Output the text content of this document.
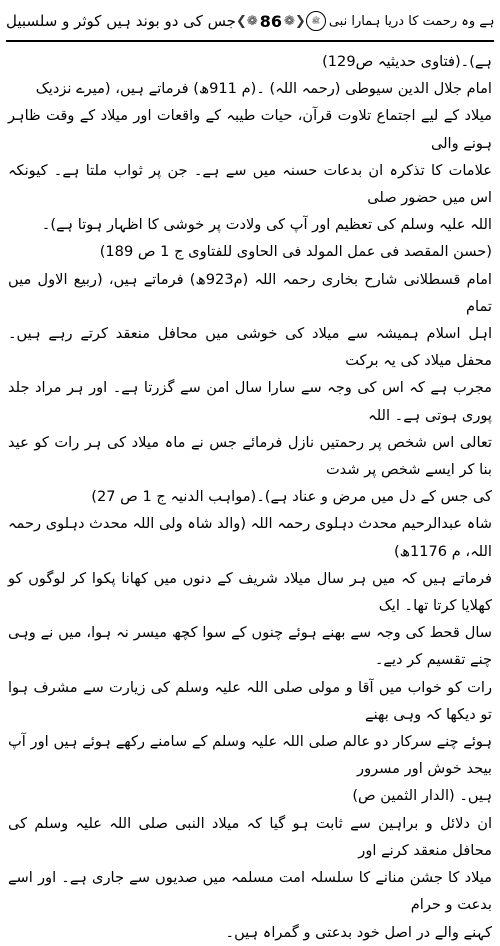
جس کی دو بوند ہیں کوثر و سلسبیل	❮❁
86
❁❯	ہے وہ رحمت کا دریا ہمارا نبی
ﷺ

ہے)۔(فتاوی حدیثیہ ص129)

امام جلال الدین سیوطی (رحمہ اللہ) ۔(م 911ھ) فرماتے ہیں، (میرے نزدیک

میلاد کے لیے اجتماع تلاوت قرآن، حیات طیبہ کے واقعات اور میلاد کے وقت ظاہر ہونے والی

علامات کا تذکرہ ان بدعات حسنہ میں سے ہے۔ جن پر ثواب ملتا ہے۔ کیونکہ اس میں حضور صلی

اللہ علیہ وسلم کی تعظیم اور آپ کی ولادت پر خوشی کا اظہار ہوتا ہے)۔

(حسن المقصد فی عمل المولد فی الحاوی للفتاوی ج 1 ص 189)

امام قسطلانی شارح بخاری رحمہ اللہ (م923ھ) فرماتے ہیں، (ربیع الاول میں تمام

اہل اسلام ہمیشہ سے میلاد کی خوشی میں محافل منعقد کرتے رہے ہیں۔ محفل میلاد کی یہ برکت

مجرب ہے کہ اس کی وجہ سے سارا سال امن سے گزرتا ہے۔ اور ہر مراد جلد پوری ہوتی ہے۔ اللہ

تعالی اس شخص پر رحمتیں نازل فرمائے جس نے ماہ میلاد کی ہر رات کو عید بنا کر ایسے شخص پر شدت

کی جس کے دل میں مرض و عناد ہے)۔(مواہب الدنیہ ج 1 ص 27)

شاہ عبدالرحیم محدث دہلوی رحمہ اللہ (والد شاہ ولی اللہ محدث دہلوی رحمہ اللہ، م 1176ھ)

فرماتے ہیں کہ میں ہر سال میلاد شریف کے دنوں میں کھانا پکوا کر لوگوں کو کھلایا کرتا تھا۔ ایک

سال قحط کی وجہ سے بھنے ہوئے چنوں کے سوا کچھ میسر نہ ہوا، میں نے وہی چنے تقسیم کر دیے۔

رات کو خواب میں آقا و مولی صلی اللہ علیہ وسلم کی زیارت سے مشرف ہوا تو دیکھا کہ وہی بھنے

ہوئے چنے سرکار دو عالم صلی اللہ علیہ وسلم کے سامنے رکھے ہوئے ہیں اور آپ بیحد خوش اور مسرور

ہیں۔ (الدار الثمین ص)

ان دلائل و براہین سے ثابت ہو گیا کہ میلاد النبی صلی اللہ علیہ وسلم کی محافل منعقد کرنے اور

میلاد کا جشن منانے کا سلسلہ امت مسلمہ میں صدیوں سے جاری ہے۔ اور اسے بدعت و حرام

کہنے والے در اصل خود بدعتی و گمراہ ہیں۔
